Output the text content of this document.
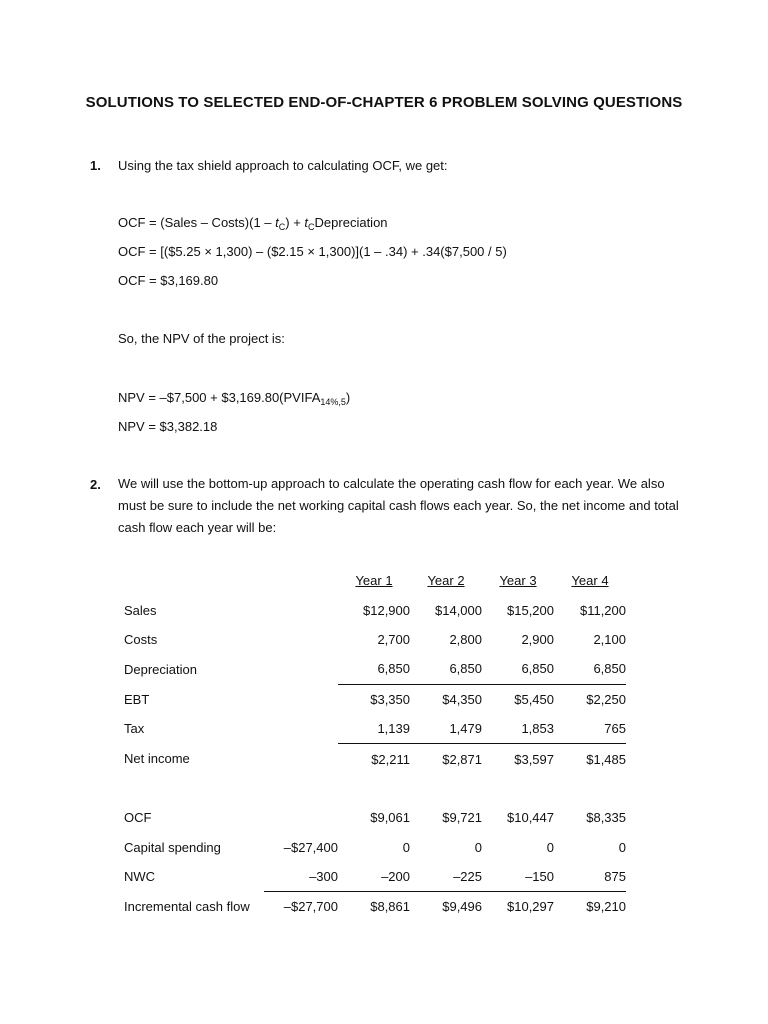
SOLUTIONS TO SELECTED END-OF-CHAPTER 6 PROBLEM SOLVING QUESTIONS
1. Using the tax shield approach to calculating OCF, we get:
OCF = (Sales – Costs)(1 – $t_C$) + $t_CDepreciation$
OCF = [($5.25 × 1,300) – ($2.15 × 1,300)](1 – .34) + .34($7,500 / 5)
OCF = $3,169.80
So, the NPV of the project is:
NPV = –$7,500 + $\$3,169.80(PVIFA_{14\%,5})$
NPV = $3,382.18
2. We will use the bottom-up approach to calculate the operating cash flow for each year. We also must be sure to include the net working capital cash flows each year. So, the net income and total cash flow each year will be:
		Year 1	Year 2	Year 3	Year 4
Sales		$12,900	$14,000	$15,200	$11,200
Costs		2,700	2,800	2,900	2,100
Depreciation		6,850	6,850	6,850	6,850
EBT		$3,350	$4,350	$5,450	$2,250
Tax		1,139	1,479	1,853	765
Net income		$2,211	$2,871	$3,597	$1,485

OCF		$9,061	$9,721	$10,447	$8,335
Capital spending	–$27,400	0	0	0	0
NWC	–300	–200	–225	–150	875
Incremental cash flow	–$27,700	$8,861	$9,496	$10,297	$9,210
